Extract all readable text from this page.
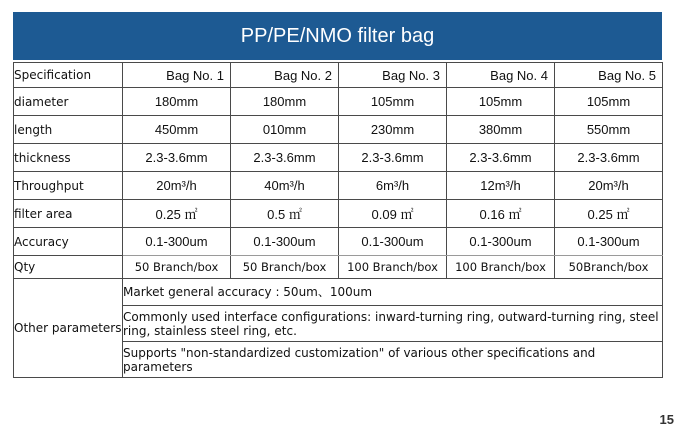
PP/PE/NMO filter bag
Specification	Bag No. 1	Bag No. 2	Bag No. 3	Bag No. 4	Bag No. 5
diameter	180mm	180mm	105mm	105mm	105mm
length	450mm	010mm	230mm	380mm	550mm
thickness	2.3-3.6mm	2.3-3.6mm	2.3-3.6mm	2.3-3.6mm	2.3-3.6mm
Throughput	20m³/h	40m³/h	6m³/h	12m³/h	20m³/h
filter area	0.25 ㎡	0.5 ㎡	0.09 ㎡	0.16 ㎡	0.25 ㎡
Accuracy	0.1-300um	0.1-300um	0.1-300um	0.1-300um	0.1-300um
Qty	50 Branch/box	50 Branch/box	100 Branch/box	100 Branch/box	50Branch/box
Other parameters	Market general accuracy : 50um、100um				
	Commonly used interface configurations: inward-turning ring, outward-turning ring, steel ring, stainless steel ring, etc.				
	Supports "non-standardized customization" of various other specifications and parameters				
15
